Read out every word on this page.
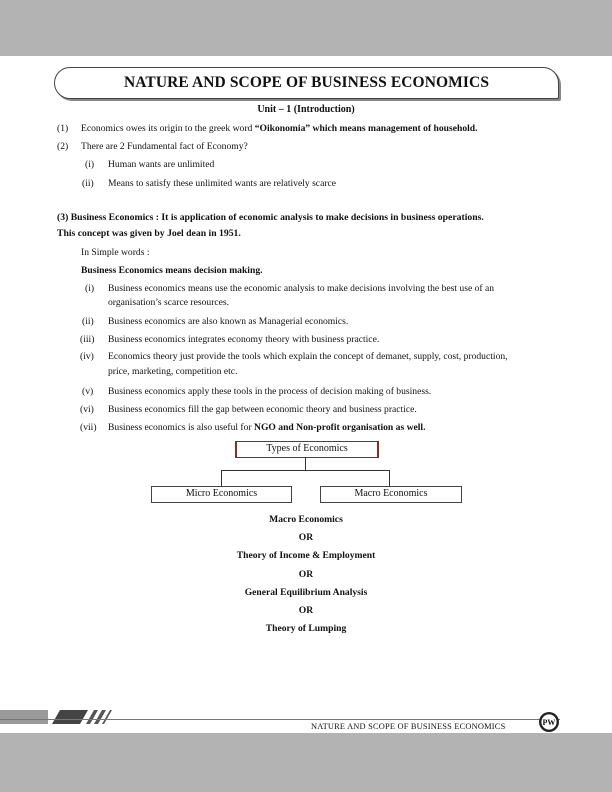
NATURE AND SCOPE OF BUSINESS ECONOMICS
Unit – 1 (Introduction)
(1) Economics owes its origin to the greek word “Oikonomia” which means management of household.
(2) There are 2 Fundamental fact of Economy?
(i) Human wants are unlimited
(ii) Means to satisfy these unlimited wants are relatively scarce
(3) Business Economics : It is application of economic analysis to make decisions in business operations.
This concept was given by Joel dean in 1951.
In Simple words :
Business Economics means decision making.
(i) Business economics means use the economic analysis to make decisions involving the best use of an
organisation’s scarce resources.
(ii) Business economics are also known as Managerial economics.
(iii) Business economics integrates economy theory with business practice.
(iv) Economics theory just provide the tools which explain the concept of demanet, supply, cost, production,
price, marketing, competition etc.
(v) Business economics apply these tools in the process of decision making of business.
(vi) Business economics fill the gap between economic theory and business practice.
(vii) Business economics is also useful for NGO and Non-profit organisation as well.
Types of Economics
Micro Economics	Macro Economics
Macro Economics
OR
Theory of Income & Employment
OR
General Equilibrium Analysis
OR
Theory of Lumping
NATURE AND SCOPE OF BUSINESS ECONOMICS	PW
